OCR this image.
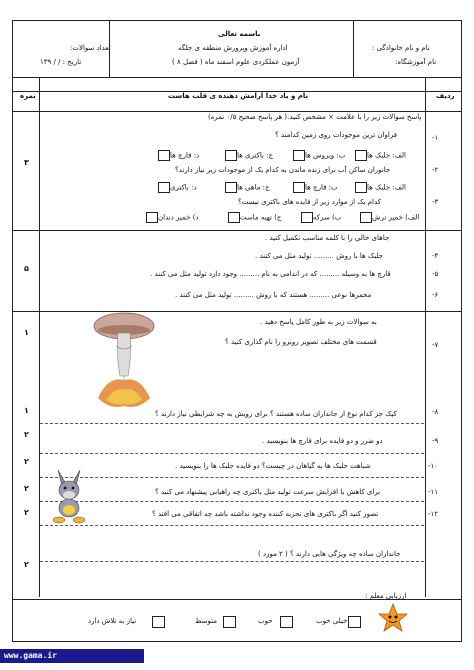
باسمه تعالی
اداره آموزش وپرورش منطقه ی جلگه
آزمون عملکردی علوم اسفند ماه ( فصل ۸ )
نام و نام خانوادگی :
نام آموزشگاه:
تعداد سوالات:
تاریخ : / / ۱۳۹
ردیف
نمره	نام و یاد خدا آرامش دهنده ی قلب هاست
پاسخ سوالات زیر را با علامت × مشخص کنید.( هر پاسخ صحیح ۰/۵ نمره)
۳
-۱
فراوان ترین موجودات روی زمین کدامند ؟
الف: جلبک ها
ب: ویروس ها
ج: باکتری ها
د: قارچ ها
-۲
جانوران ساکن آب برای زنده ماندن به کدام یک از موجودات زیر نیاز دارند؟
الف: جلبک ها
ب: قارچ ها
ج: ماهی ها
د: باکتری
-۳
کدام یک از موارد زیر از فایده های باکتری نیست؟
الف) خمیر ترش
ب) سرکه
ج) تهیه ماست
د) خمیر دندان
جاهای خالی را با کلمه مناسب تکمیل کنید .
۵
-۴
جلبک ها با روش ......... تولید مثل می کنند .
-۵
قارچ ها به وسیله ......... که در اندامی به نام ......... وجود دارد تولید مثل می کنند .
-۶
مخمرها نوعی ......... هستند که با روش ......... تولید مثل می کنند .
به سوالات زیر به طور کامل پاسخ دهید .
-۷
قسمت های مختلف تصویر روبرو را نام گذاری کنید ؟
۱
-۸
کپک جز کدام نوع از جانداران ساده هستند ؟ برای رویش به چه شرایطی نیاز دارند ؟
۱
-۹
دو ضرر و دو فایده برای قارچ ها بنویسید .
۲
-۱۰
شباهت جلبک ها به گیاهان در چیست؟ دو فایده جلبک ها را بنویسید .
۲
-۱۱
برای کاهش یا افزایش سرعت تولید مثل باکتری چه راهیابی پیشنهاد می کنید ؟
۲
-۱۲
تصور کنید اگر باکتری های تجزیه کننده وجود نداشته باشد چه اتفاقی می افتد ؟
۲
جانداران ساده چه ویژگی هایی دارند ؟ ( ۲ مورد )
۲
ارزیابی معلم :
خیلی خوب
خوب
متوسط
نیاز به تلاش دارد
www.gama.ir
